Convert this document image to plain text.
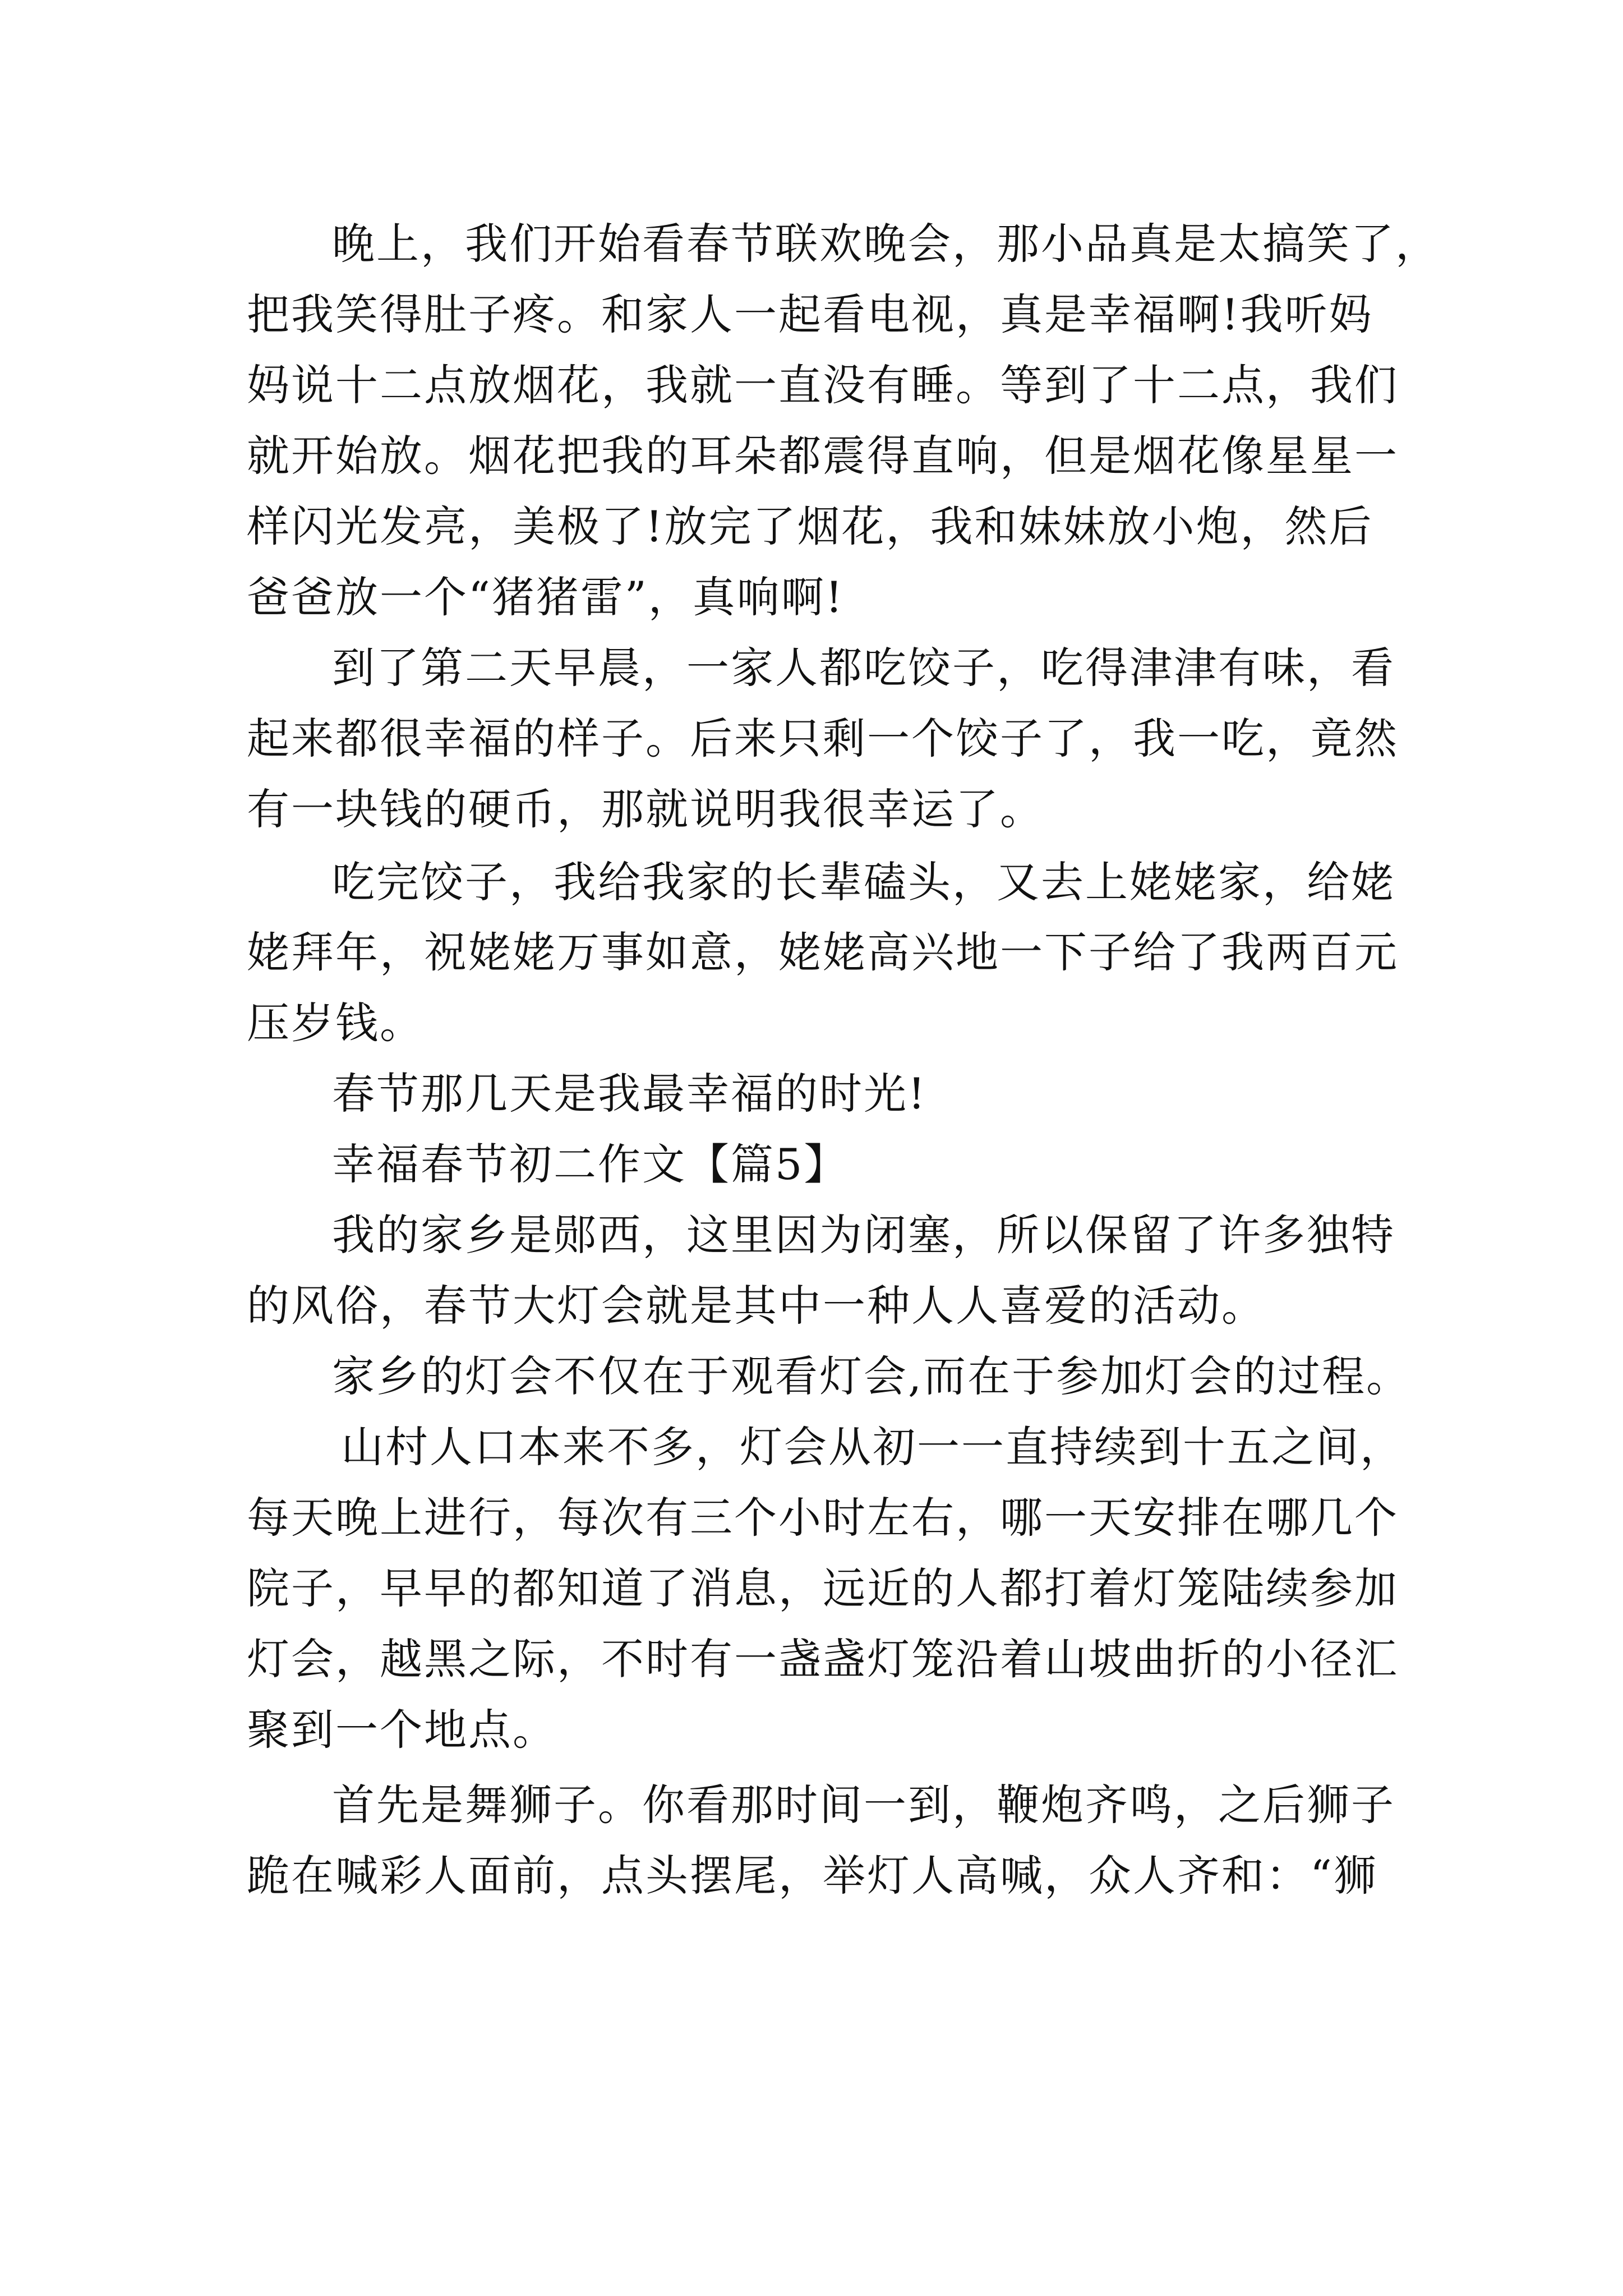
晚上，我们开始看春节联欢晚会，那小品真是太搞笑了，
把我笑得肚子疼。和家人一起看电视，真是幸福啊!我听妈
妈说十二点放烟花，我就一直没有睡。等到了十二点，我们
就开始放。烟花把我的耳朵都震得直响，但是烟花像星星一
样闪光发亮，美极了!放完了烟花，我和妹妹放小炮，然后
爸爸放一个“猪猪雷”，真响啊!
到了第二天早晨，一家人都吃饺子，吃得津津有味，看
起来都很幸福的样子。后来只剩一个饺子了，我一吃，竟然
有一块钱的硬币，那就说明我很幸运了。
吃完饺子，我给我家的长辈磕头，又去上姥姥家，给姥
姥拜年，祝姥姥万事如意，姥姥高兴地一下子给了我两百元
压岁钱。
春节那几天是我最幸福的时光!
幸福春节初二作文【篇5】
我的家乡是郧西，这里因为闭塞，所以保留了许多独特
的风俗，春节大灯会就是其中一种人人喜爱的活动。
家乡的灯会不仅在于观看灯会,而在于参加灯会的过程。
山村人口本来不多，灯会从初一一直持续到十五之间，
每天晚上进行，每次有三个小时左右，哪一天安排在哪几个
院子，早早的都知道了消息，远近的人都打着灯笼陆续参加
灯会，越黑之际，不时有一盏盏灯笼沿着山坡曲折的小径汇
聚到一个地点。
首先是舞狮子。你看那时间一到，鞭炮齐鸣，之后狮子
跪在喊彩人面前，点头摆尾，举灯人高喊，众人齐和：“狮
